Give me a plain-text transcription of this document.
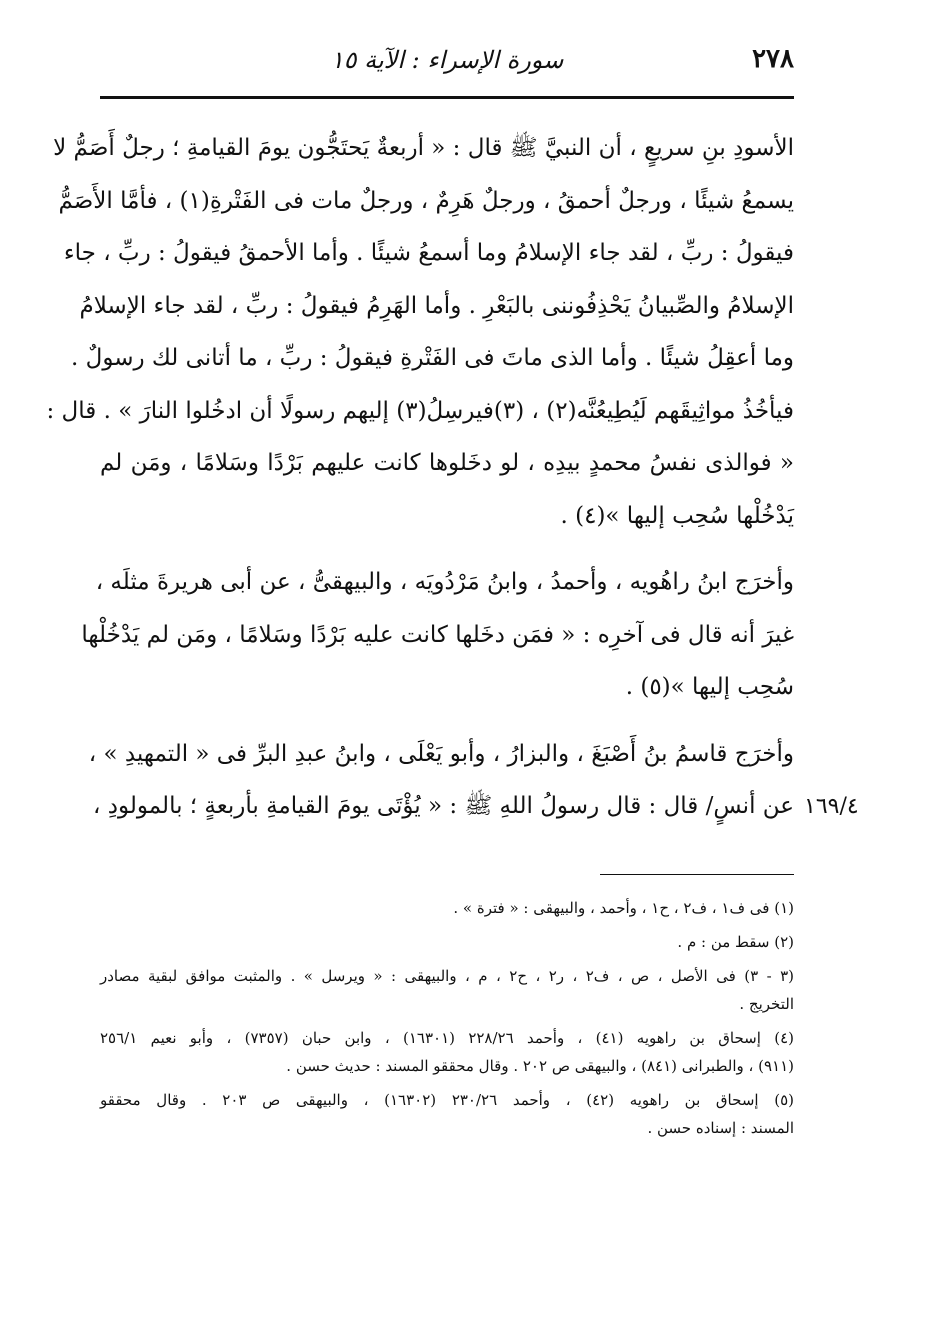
٢٧٨
سورة الإسراء : الآية ١٥

الأسودِ بنِ سريعٍ ، أن النبيَّ ﷺ قال : « أربعةٌ يَحتَجُّون يومَ القيامةِ ؛ رجلٌ أَصَمُّ لا
يسمعُ شيئًا ، ورجلٌ أحمقُ ، ورجلٌ هَرِمٌ ، ورجلٌ مات فى الفَتْرةِ(١) ، فأمَّا الأَصَمُّ
فيقولُ : ربِّ ، لقد جاء الإسلامُ وما أسمعُ شيئًا . وأما الأحمقُ فيقولُ : ربِّ ، جاء
الإسلامُ والصِّبيانُ يَحْذِفُوننى بالبَعْرِ . وأما الهَرِمُ فيقولُ : ربِّ ، لقد جاء الإسلامُ
وما أعقِلُ شيئًا . وأما الذى ماتَ فى الفَتْرةِ فيقولُ : ربِّ ، ما أتانى لك رسولٌ .
فيأخُذُ مواثِيقَهم لَيُطِيعُنَّه(٢) ، (٣)فيرسِلُ(٣) إليهم رسولًا أن ادخُلوا النارَ » . قال :
« فوالذى نفسُ محمدٍ بيدِه ، لو دخَلوها كانت عليهم بَرْدًا وسَلامًا ، ومَن لم
يَدْخُلْها سُحِب إليها »(٤) .

وأخرَج ابنُ راهُويه ، وأحمدُ ، وابنُ مَرْدُويَه ، والبيهقىُّ ، عن أبى هريرةَ مثلَه ،
غيرَ أنه قال فى آخرِه : « فمَن دخَلها كانت عليه بَرْدًا وسَلامًا ، ومَن لم يَدْخُلْها
سُحِب إليها »(٥) .

وأخرَج قاسمُ بنُ أَصْبَغَ ، والبزارُ ، وأبو يَعْلَى ، وابنُ عبدِ البرِّ فى « التمهيدِ » ،
عن أنسٍ/ قال : قال رسولُ اللهِ ﷺ : « يُؤْتَى يومَ القيامةِ بأربعةٍ ؛ بالمولودِ ، ١٦٩/٤

(١) فى ف١ ، ف٢ ، ح١ ، وأحمد ، والبيهقى : « فترة » .

(٢) سقط من : م .

(٣ - ٣) فى الأصل ، ص ، ف٢ ، ر٢ ، ح٢ ، م ، والبيهقى : « ويرسل » . والمثبت موافق لبقية مصادر
التخريج .

(٤) إسحاق بن راهويه (٤١) ، وأحمد ٢٢٨/٢٦ (١٦٣٠١) ، وابن حبان (٧٣٥٧) ، وأبو نعيم ٢٥٦/١
(٩١١) ، والطبرانى (٨٤١) ، والبيهقى ص ٢٠٢ . وقال محققو المسند : حديث حسن .

(٥) إسحاق بن راهويه (٤٢) ، وأحمد ٢٣٠/٢٦ (١٦٣٠٢) ، والبيهقى ص ٢٠٣ . وقال محققو
المسند : إسناده حسن .
